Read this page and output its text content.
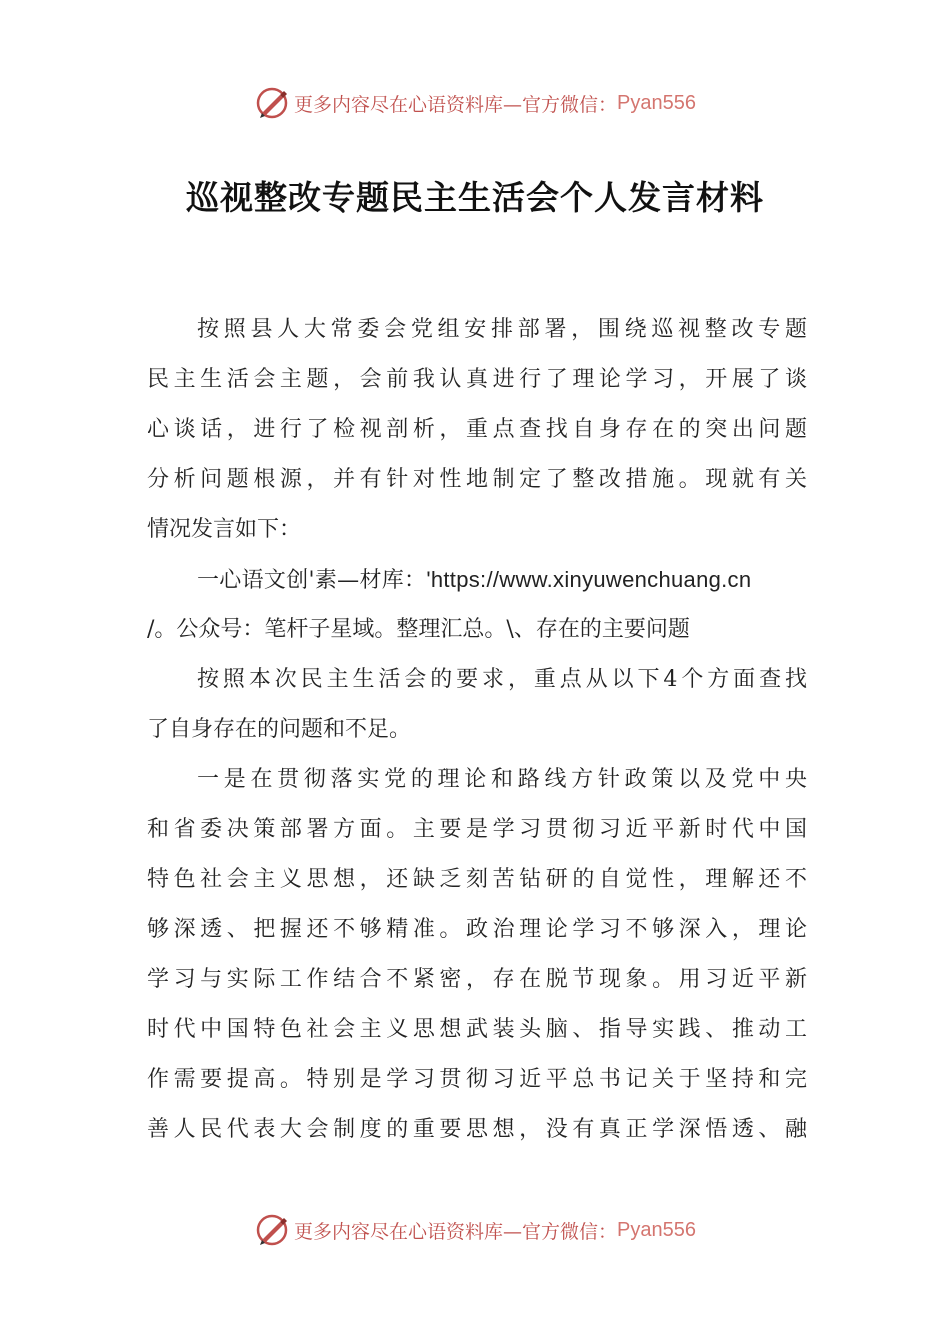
更多内容尽在心语资料库—官方微信： Pyan556
巡视整改专题民主生活会个人发言材料
按照县人大常委会党组安排部署，围绕巡视整改专题
民主生活会主题，会前我认真进行了理论学习，开展了谈
心谈话，进行了检视剖析，重点查找自身存在的突出问题
分析问题根源，并有针对性地制定了整改措施。现就有关
情况发言如下：
一心语文创'素—材库：'https://www.xinyuwenchuang.cn
/。公众号：笔杆子星域。整理汇总。\、存在的主要问题
按照本次民主生活会的要求，重点从以下4个方面查找
了自身存在的问题和不足。
一是在贯彻落实党的理论和路线方针政策以及党中央
和省委决策部署方面。主要是学习贯彻习近平新时代中国
特色社会主义思想，还缺乏刻苦钻研的自觉性，理解还不
够深透、把握还不够精准。政治理论学习不够深入，理论
学习与实际工作结合不紧密，存在脱节现象。用习近平新
时代中国特色社会主义思想武装头脑、指导实践、推动工
作需要提高。特别是学习贯彻习近平总书记关于坚持和完
善人民代表大会制度的重要思想，没有真正学深悟透、融
更多内容尽在心语资料库—官方微信： Pyan556
